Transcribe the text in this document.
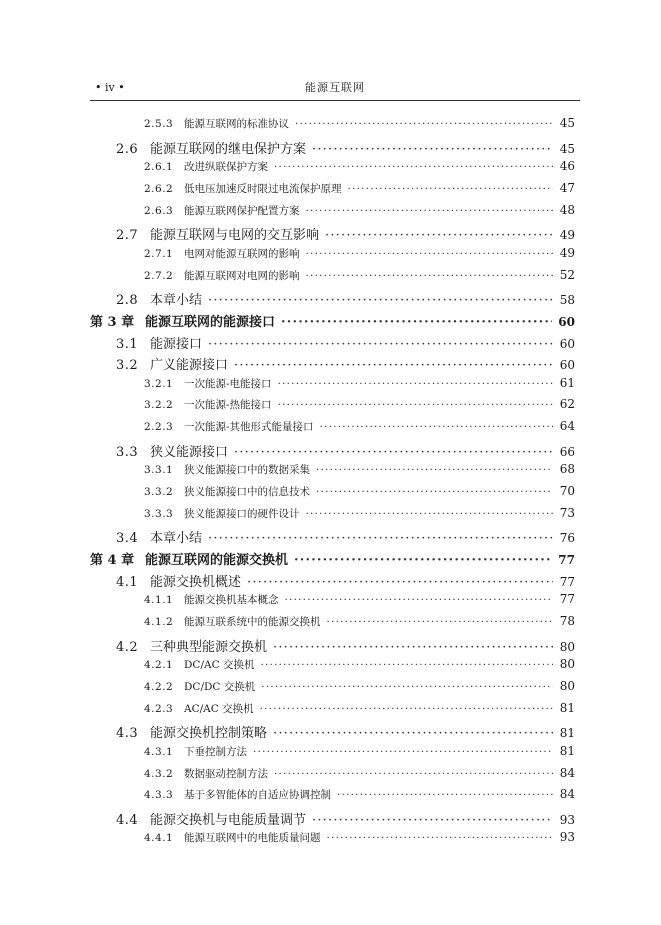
• iv •	能源互联网
2.5.3	能源互联网的标准协议 ·····	45
2.6 能源互联网的继电保护方案 ·····	45
2.6.1	改进纵联保护方案 ·····	46
2.6.2	低电压加速反时限过电流保护原理 ·····	47
2.6.3	能源互联网保护配置方案 ·····	48
2.7 能源互联网与电网的交互影响 ·····	49
2.7.1	电网对能源互联网的影响 ·····	49
2.7.2	能源互联网对电网的影响 ·····	52
2.8 本章小结 ·····	58
第 3 章 能源互联网的能源接口 ·····	60
3.1 能源接口 ·····	60
3.2 广义能源接口 ·····	60
3.2.1	一次能源-电能接口 ·····	61
3.2.2	一次能源-热能接口 ·····	62
2.2.3	一次能源-其他形式能量接口 ·····	64
3.3 狭义能源接口 ·····	66
3.3.1	狭义能源接口中的数据采集 ·····	68
3.3.2	狭义能源接口中的信息技术 ·····	70
3.3.3	狭义能源接口的硬件设计 ·····	73
3.4 本章小结 ·····	76
第 4 章 能源互联网的能源交换机 ·····	77
4.1 能源交换机概述 ·····	77
4.1.1	能源交换机基本概念 ·····	77
4.1.2	能源互联系统中的能源交换机 ·····	78
4.2 三种典型能源交换机 ·····	80
4.2.1	DC/AC 交换机 ·····	80
4.2.2	DC/DC 交换机 ·····	80
4.2.3	AC/AC 交换机 ·····	81
4.3 能源交换机控制策略 ·····	81
4.3.1	下垂控制方法 ·····	81
4.3.2	数据驱动控制方法 ·····	84
4.3.3	基于多智能体的自适应协调控制 ·····	84
4.4 能源交换机与电能质量调节 ·····	93
4.4.1	能源互联网中的电能质量问题 ·····	93
